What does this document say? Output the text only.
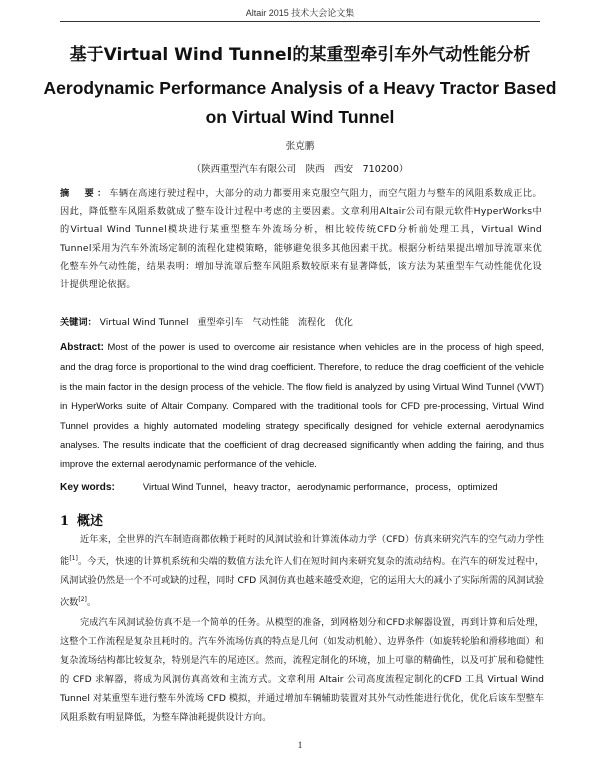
Altair 2015 技术大会论文集
基于Virtual Wind Tunnel的某重型牵引车外气动性能分析
Aerodynamic Performance Analysis of a Heavy Tractor Based on Virtual Wind Tunnel
张克鹏
（陕西重型汽车有限公司　陕西　西安　710200）
摘　要：车辆在高速行驶过程中，大部分的动力都要用来克服空气阻力，而空气阻力与整车的风阻系数成正比。因此，降低整车风阻系数就成了整车设计过程中考虑的主要因素。文章利用Altair公司有限元软件HyperWorks中的Virtual Wind Tunnel模块进行某重型整车外流场分析，相比较传统CFD分析前处理工具，Virtual Wind Tunnel采用为汽车外流场定制的流程化建模策略，能够避免很多其他因素干扰。根据分析结果提出增加导流罩来优化整车外气动性能，结果表明：增加导流罩后整车风阻系数较原来有显著降低，该方法为某重型车气动性能优化设计提供理论依据。
关键词： Virtual Wind Tunnel 重型牵引车 气动性能 流程化 优化
Abstract: Most of the power is used to overcome air resistance when vehicles are in the process of high speed, and the drag force is proportional to the wind drag coefficient. Therefore, to reduce the drag coefficient of the vehicle is the main factor in the design process of the vehicle. The flow field is analyzed by using Virtual Wind Tunnel (VWT) in HyperWorks suite of Altair Company. Compared with the traditional tools for CFD pre-processing, Virtual Wind Tunnel provides a highly automated modeling strategy specifically designed for vehicle external aerodynamics analyses. The results indicate that the coefficient of drag decreased significantly when adding the fairing, and thus improve the external aerodynamic performance of the vehicle.
Key words:	Virtual Wind Tunnel，heavy tractor，aerodynamic performance，process，optimized
1 概述

近年来，全世界的汽车制造商都依赖于耗时的风洞试验和计算流体动力学（CFD）仿真来研究汽车的空气动力学性能[1]。今天，快速的计算机系统和尖端的数值方法允许人们在短时间内来研究复杂的流动结构。在汽车的研发过程中，风洞试验仍然是一个不可或缺的过程，同时 CFD 风洞仿真也越来越受欢迎，它的运用大大的减小了实际所需的风洞试验次数[2]。

完成汽车风洞试验仿真不是一个简单的任务。从模型的准备，到网格划分和CFD求解器设置，再到计算和后处理，这整个工作流程是复杂且耗时的。汽车外流场仿真的特点是几何（如发动机舱）、边界条件（如旋转轮胎和滑移地面）和复杂流场结构都比较复杂，特别是汽车的尾迹区。然而，流程定制化的环境，加上可靠的精确性，以及可扩展和稳健性的 CFD 求解器，将成为风洞仿真高效和主流方式。文章利用 Altair 公司高度流程定制化的CFD 工具 Virtual Wind Tunnel 对某重型车进行整车外流场 CFD 模拟，并通过增加车辆辅助装置对其外气动性能进行优化，优化后该车型整车风阻系数有明显降低，为整车降油耗提供设计方向。

1
